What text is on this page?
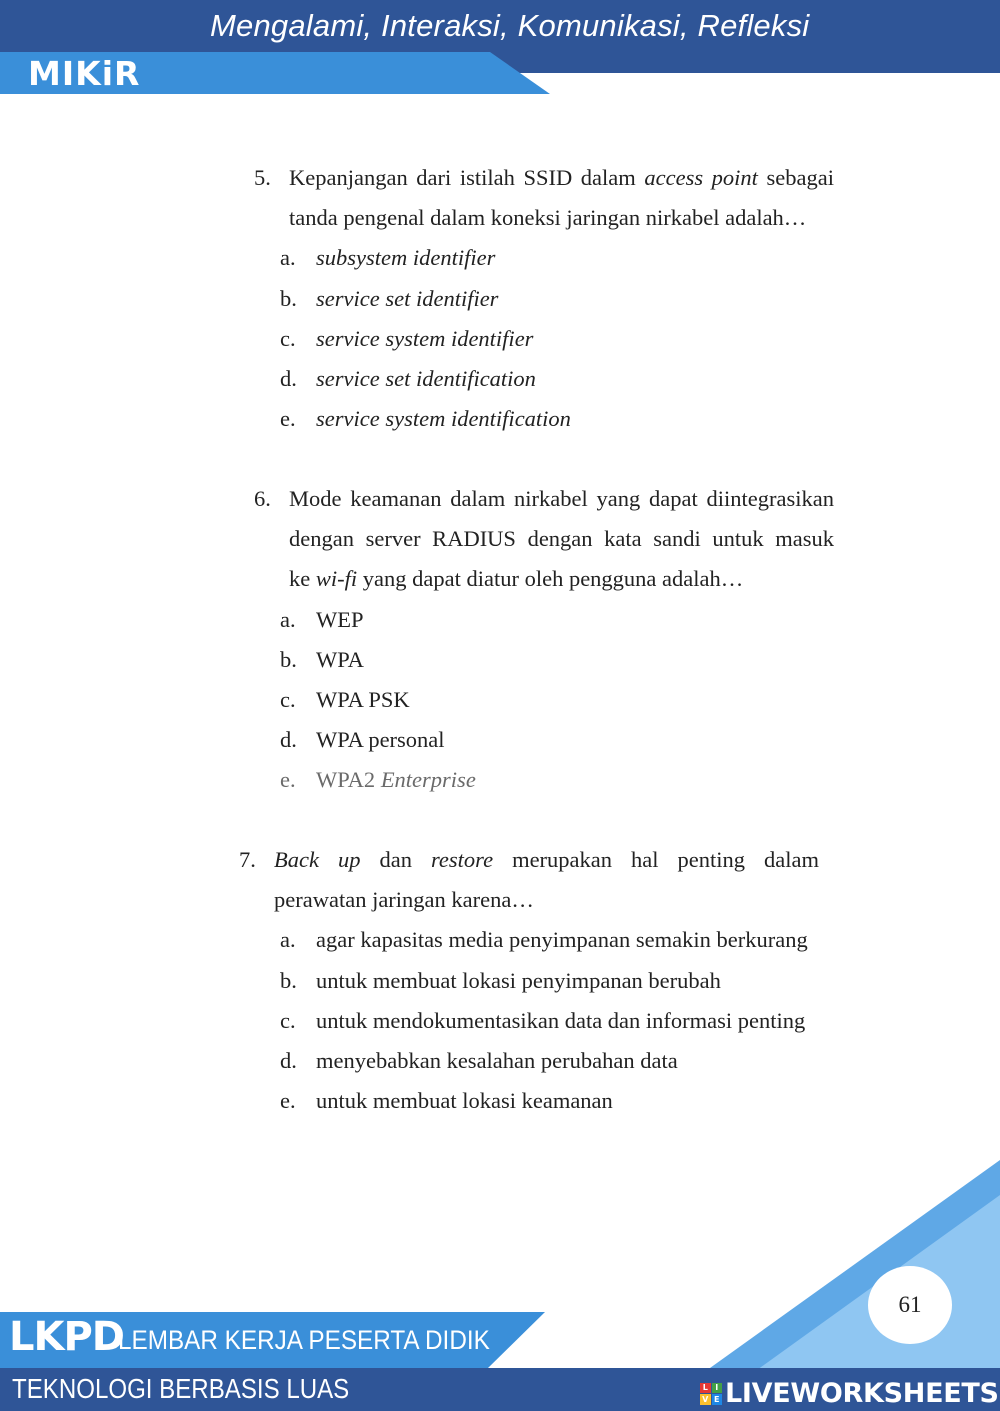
Mengalami, Interaksi, Komunikasi, Refleksi
MIKiR
5. Kepanjangan dari istilah SSID dalam access point sebagai
tanda pengenal dalam koneksi jaringan nirkabel adalah…
a. subsystem identifier
b. service set identifier
c. service system identifier
d. service set identification
e. service system identification
6. Mode keamanan dalam nirkabel yang dapat diintegrasikan
dengan server RADIUS dengan kata sandi untuk masuk
ke wi-fi yang dapat diatur oleh pengguna adalah…
a. WEP
b. WPA
c. WPA PSK
d. WPA personal
e. WPA2 Enterprise
7. Back up dan restore merupakan hal penting dalam
perawatan jaringan karena…
a. agar kapasitas media penyimpanan semakin berkurang
b. untuk membuat lokasi penyimpanan berubah
c. untuk mendokumentasikan data dan informasi penting
d. menyebabkan kesalahan perubahan data
e. untuk membuat lokasi keamanan
61
LKPD
LEMBAR KERJA PESERTA DIDIK
TEKNOLOGI BERBASIS LUAS	L I
V E LIVEWORKSHEETS
